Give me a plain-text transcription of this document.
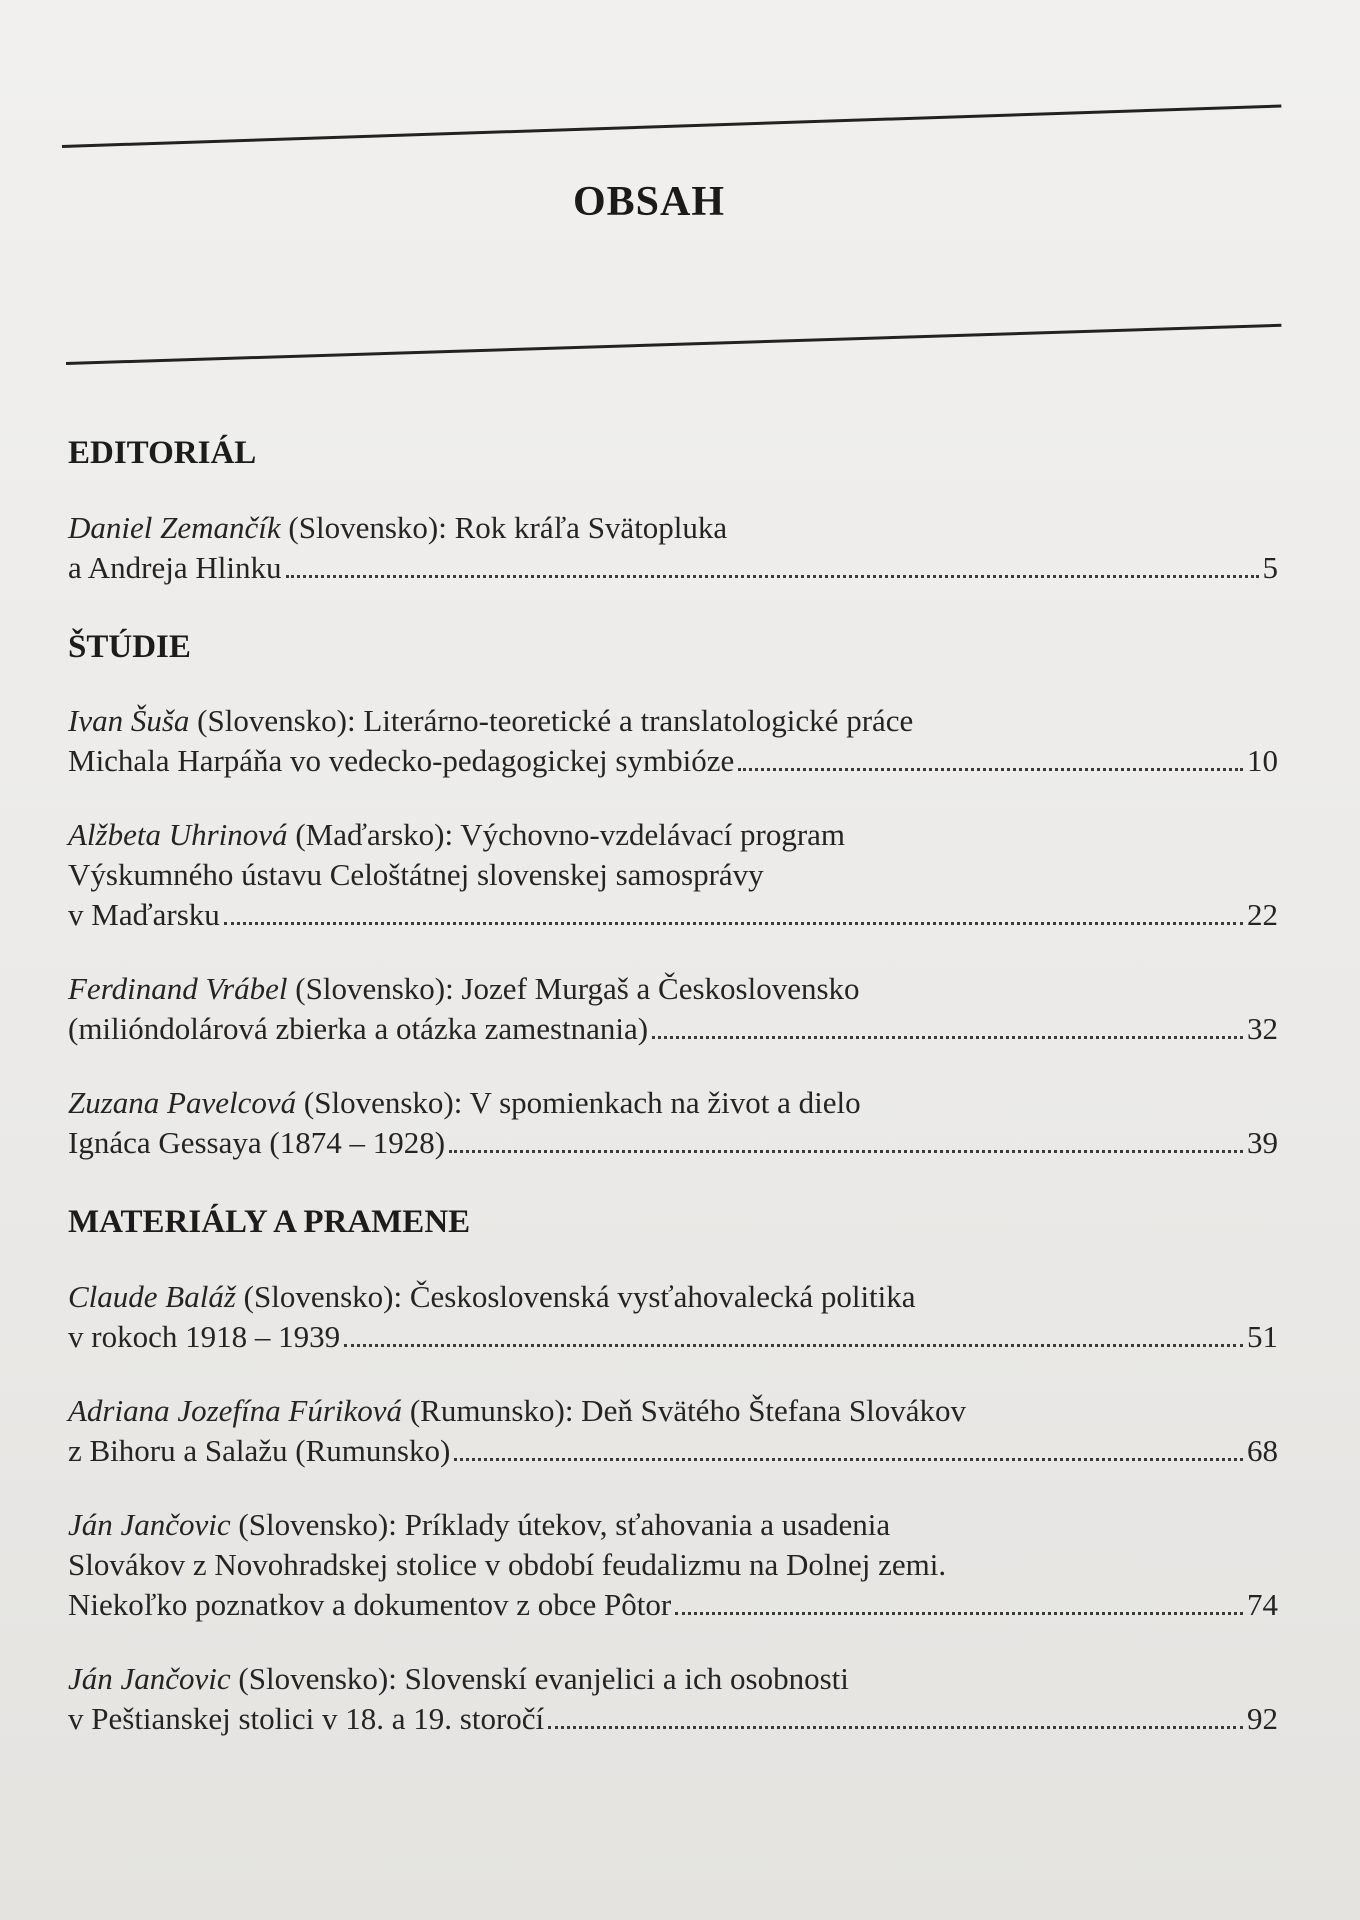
OBSAH
EDITORIÁL
Daniel Zemančík (Slovensko): Rok kráľa Svätopluka
a Andreja Hlinku	5
ŠTÚDIE
Ivan Šuša (Slovensko): Literárno-teoretické a translatologické práce
Michala Harpáňa vo vedecko-pedagogickej symbióze	10
Alžbeta Uhrinová (Maďarsko): Výchovno-vzdelávací program
Výskumného ústavu Celoštátnej slovenskej samosprávy
v Maďarsku	22
Ferdinand Vrábel (Slovensko): Jozef Murgaš a Československo
(milióndolárová zbierka a otázka zamestnania)	32
Zuzana Pavelcová (Slovensko): V spomienkach na život a dielo
Ignáca Gessaya (1874 – 1928)	39
MATERIÁLY A PRAMENE
Claude Baláž (Slovensko): Československá vysťahovalecká politika
v rokoch 1918 – 1939	51
Adriana Jozefína Fúriková (Rumunsko): Deň Svätého Štefana Slovákov
z Bihoru a Salažu (Rumunsko)	68
Ján Jančovic (Slovensko): Príklady útekov, sťahovania a usadenia
Slovákov z Novohradskej stolice v období feudalizmu na Dolnej zemi.
Niekoľko poznatkov a dokumentov z obce Pôtor	74
Ján Jančovic (Slovensko): Slovenskí evanjelici a ich osobnosti
v Peštianskej stolici v 18. a 19. storočí	92
